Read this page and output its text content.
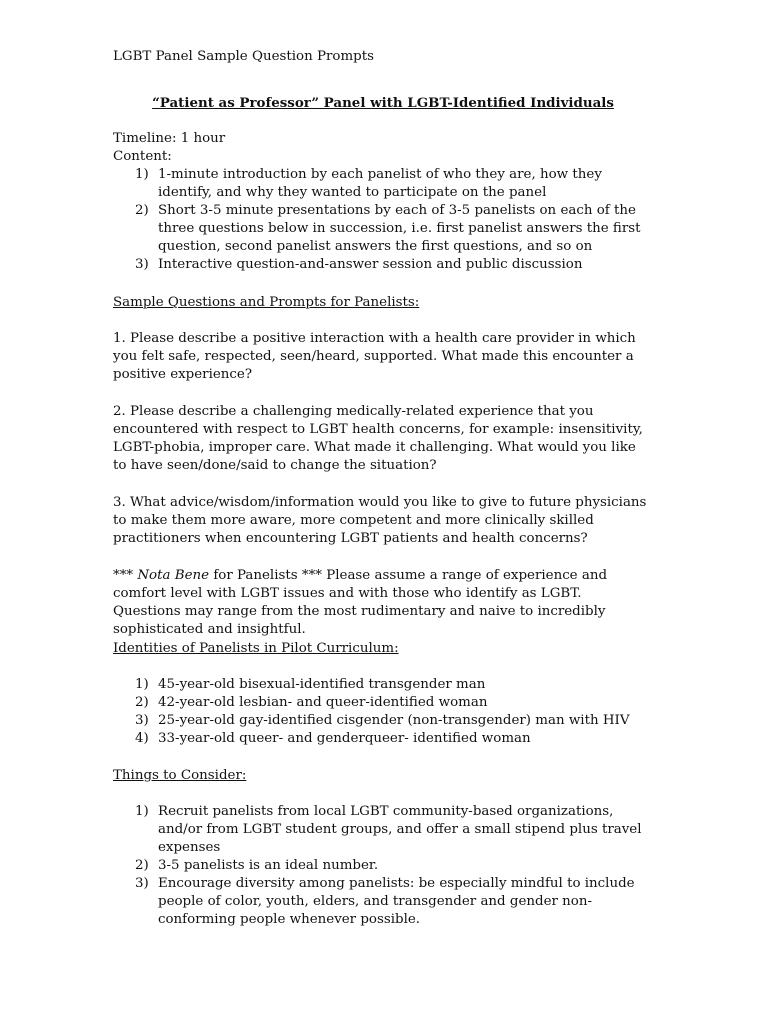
LGBT Panel Sample Question Prompts

“Patient as Professor” Panel with LGBT-Identified Individuals

Timeline: 1 hour

Content:

1) 1-minute introduction by each panelist of who they are, how they identify, and why they wanted to participate on the panel
2) Short 3-5 minute presentations by each of 3-5 panelists on each of the three questions below in succession, i.e. first panelist answers the first question, second panelist answers the first questions, and so on
3) Interactive question-and-answer session and public discussion

Sample Questions and Prompts for Panelists:

1. Please describe a positive interaction with a health care provider in which you felt safe, respected, seen/heard, supported. What made this encounter a positive experience?

2. Please describe a challenging medically-related experience that you encountered with respect to LGBT health concerns, for example: insensitivity, LGBT-phobia, improper care. What made it challenging. What would you like to have seen/done/said to change the situation?

3. What advice/wisdom/information would you like to give to future physicians to make them more aware, more competent and more clinically skilled practitioners when encountering LGBT patients and health concerns?

*** Nota Bene for Panelists *** Please assume a range of experience and comfort level with LGBT issues and with those who identify as LGBT. Questions may range from the most rudimentary and naive to incredibly sophisticated and insightful.

Identities of Panelists in Pilot Curriculum:

1) 45-year-old bisexual-identified transgender man
2) 42-year-old lesbian- and queer-identified woman
3) 25-year-old gay-identified cisgender (non-transgender) man with HIV
4) 33-year-old queer- and genderqueer- identified woman

Things to Consider:

1) Recruit panelists from local LGBT community-based organizations, and/or from LGBT student groups, and offer a small stipend plus travel expenses
2) 3-5 panelists is an ideal number.
3) Encourage diversity among panelists: be especially mindful to include people of color, youth, elders, and transgender and gender non-conforming people whenever possible.
